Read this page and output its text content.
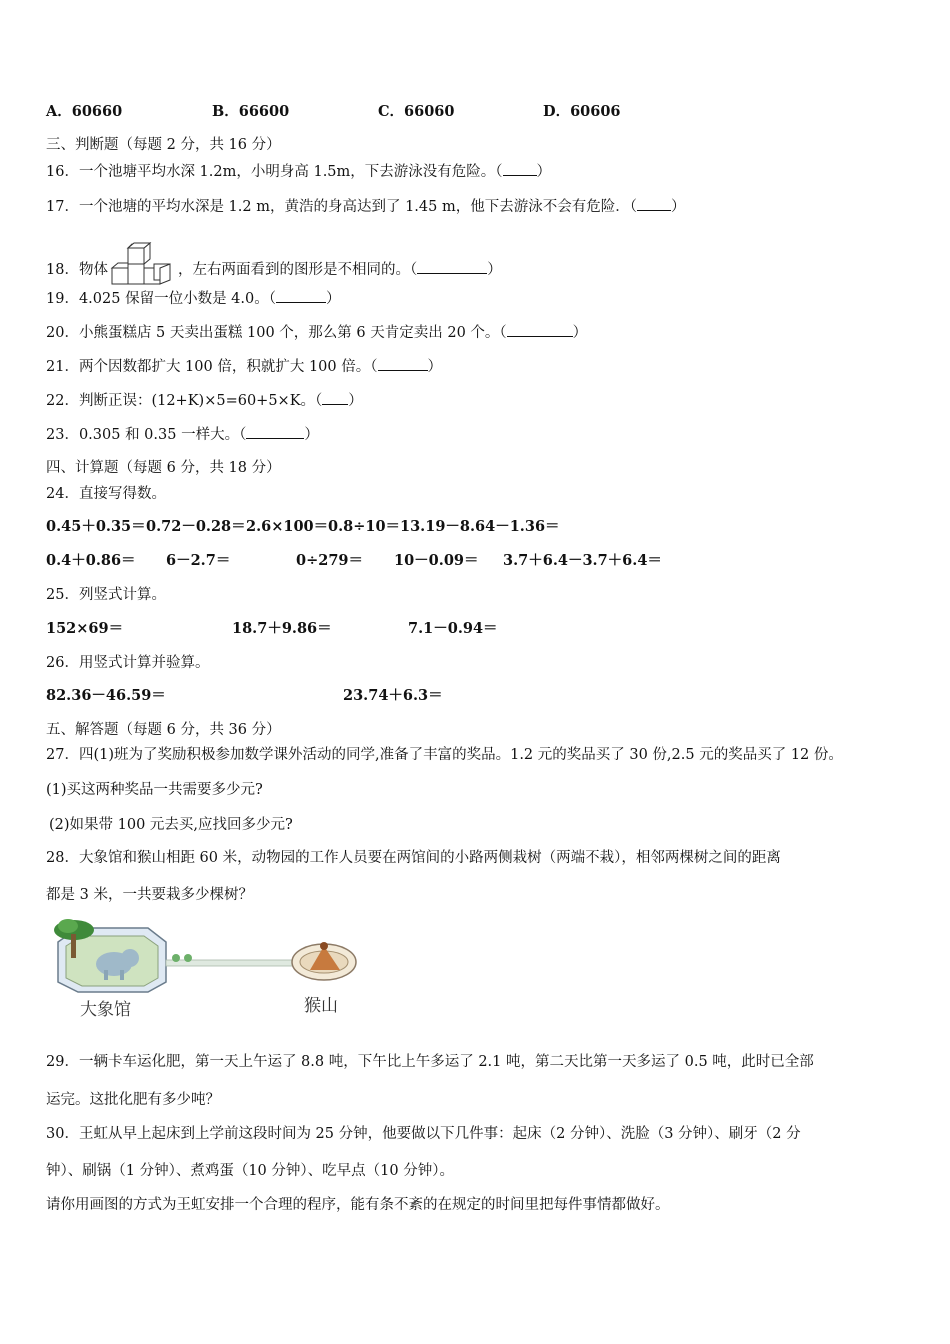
A．60660	B．66600	C．66060	D．60606
三、判断题（每题 2 分，共 16 分）
16．一个池塘平均水深 1.2m，小明身高 1.5m，下去游泳没有危险。（ ）
17．一个池塘的平均水深是 1.2 m，黄浩的身高达到了 1.45 m，他下去游泳不会有危险．（ ）
18．物体	，左右两面看到的图形是不相同的。（	）
19．4.025 保留一位小数是 4.0。（	）
20．小熊蛋糕店 5 天卖出蛋糕 100 个，那么第 6 天肯定卖出 20 个。（	）
21．两个因数都扩大 100 倍，积就扩大 100 倍。（	）
22．判断正误：(12+K)×5=60+5×K。（ ）
23．0.305 和 0.35 一样大。（	）
四、计算题（每题 6 分，共 18 分）
24．直接写得数。
0.45＋0.35＝ 0.72－0.28＝ 2.6×100＝ 0.8÷10＝ 13.19－8.64－1.36＝
0.4＋0.86＝ 6－2.7＝	0÷279＝ 10－0.09＝ 3.7＋6.4－3.7＋6.4＝
25．列竖式计算。
152×69＝	18.7＋9.86＝	7.1－0.94＝
26．用竖式计算并验算。
82.36－46.59＝	23.74＋6.3＝
五、解答题（每题 6 分，共 36 分）
27．四(1)班为了奖励积极参加数学课外活动的同学,准备了丰富的奖品。1.2 元的奖品买了 30 份,2.5 元的奖品买了 12 份。
(1)买这两种奖品一共需要多少元?
(2)如果带 100 元去买,应找回多少元?
28．大象馆和猴山相距 60 米，动物园的工作人员要在两馆间的小路两侧栽树（两端不栽），相邻两棵树之间的距离
都是 3 米，一共要栽多少棵树？
大象馆	猴山
29．一辆卡车运化肥，第一天上午运了 8.8 吨，下午比上午多运了 2.1 吨，第二天比第一天多运了 0.5 吨，此时已全部
运完。这批化肥有多少吨？
30．王虹从早上起床到上学前这段时间为 25 分钟，他要做以下几件事：起床（2 分钟）、洗脸（3 分钟）、刷牙（2 分
钟）、刷锅（1 分钟）、煮鸡蛋（10 分钟）、吃早点（10 分钟）。
请你用画图的方式为王虹安排一个合理的程序，能有条不紊的在规定的时间里把每件事情都做好。
